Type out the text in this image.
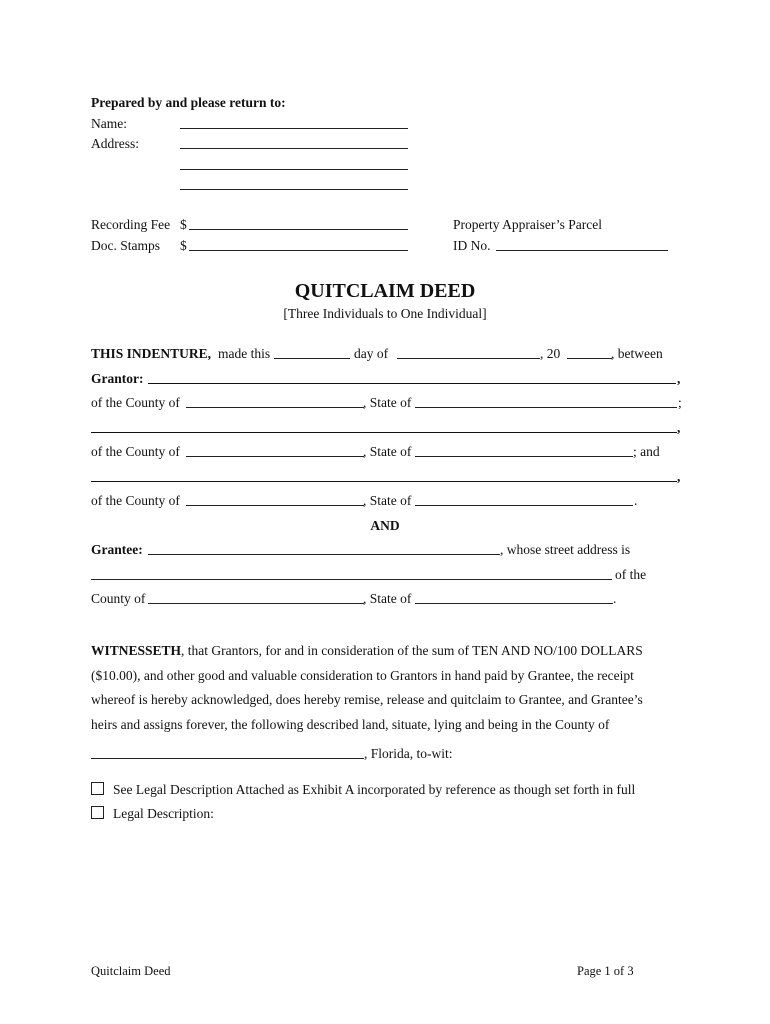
Prepared by and please return to:
Name:
Address:
Recording Fee $
Doc. Stamps $
Property Appraiser’s Parcel
ID No.
QUITCLAIM DEED
[Three Individuals to One Individual]
THIS INDENTURE, made this	day of	, 20	, between
Grantor:	,
of the County of	, State of	;
,
of the County of	, State of	; and
,
of the County of	, State of	.
AND
Grantee:	, whose street address is
of the
County of	, State of	.
WITNESSETH, that Grantors, for and in consideration of the sum of TEN AND NO/100 DOLLARS
($10.00), and other good and valuable consideration to Grantors in hand paid by Grantee, the receipt
whereof is hereby acknowledged, does hereby remise, release and quitclaim to Grantee, and Grantee’s
heirs and assigns forever, the following described land, situate, lying and being in the County of
, Florida, to-wit:
See Legal Description Attached as Exhibit A incorporated by reference as though set forth in full
Legal Description:
Quitclaim Deed	Page 1 of 3
